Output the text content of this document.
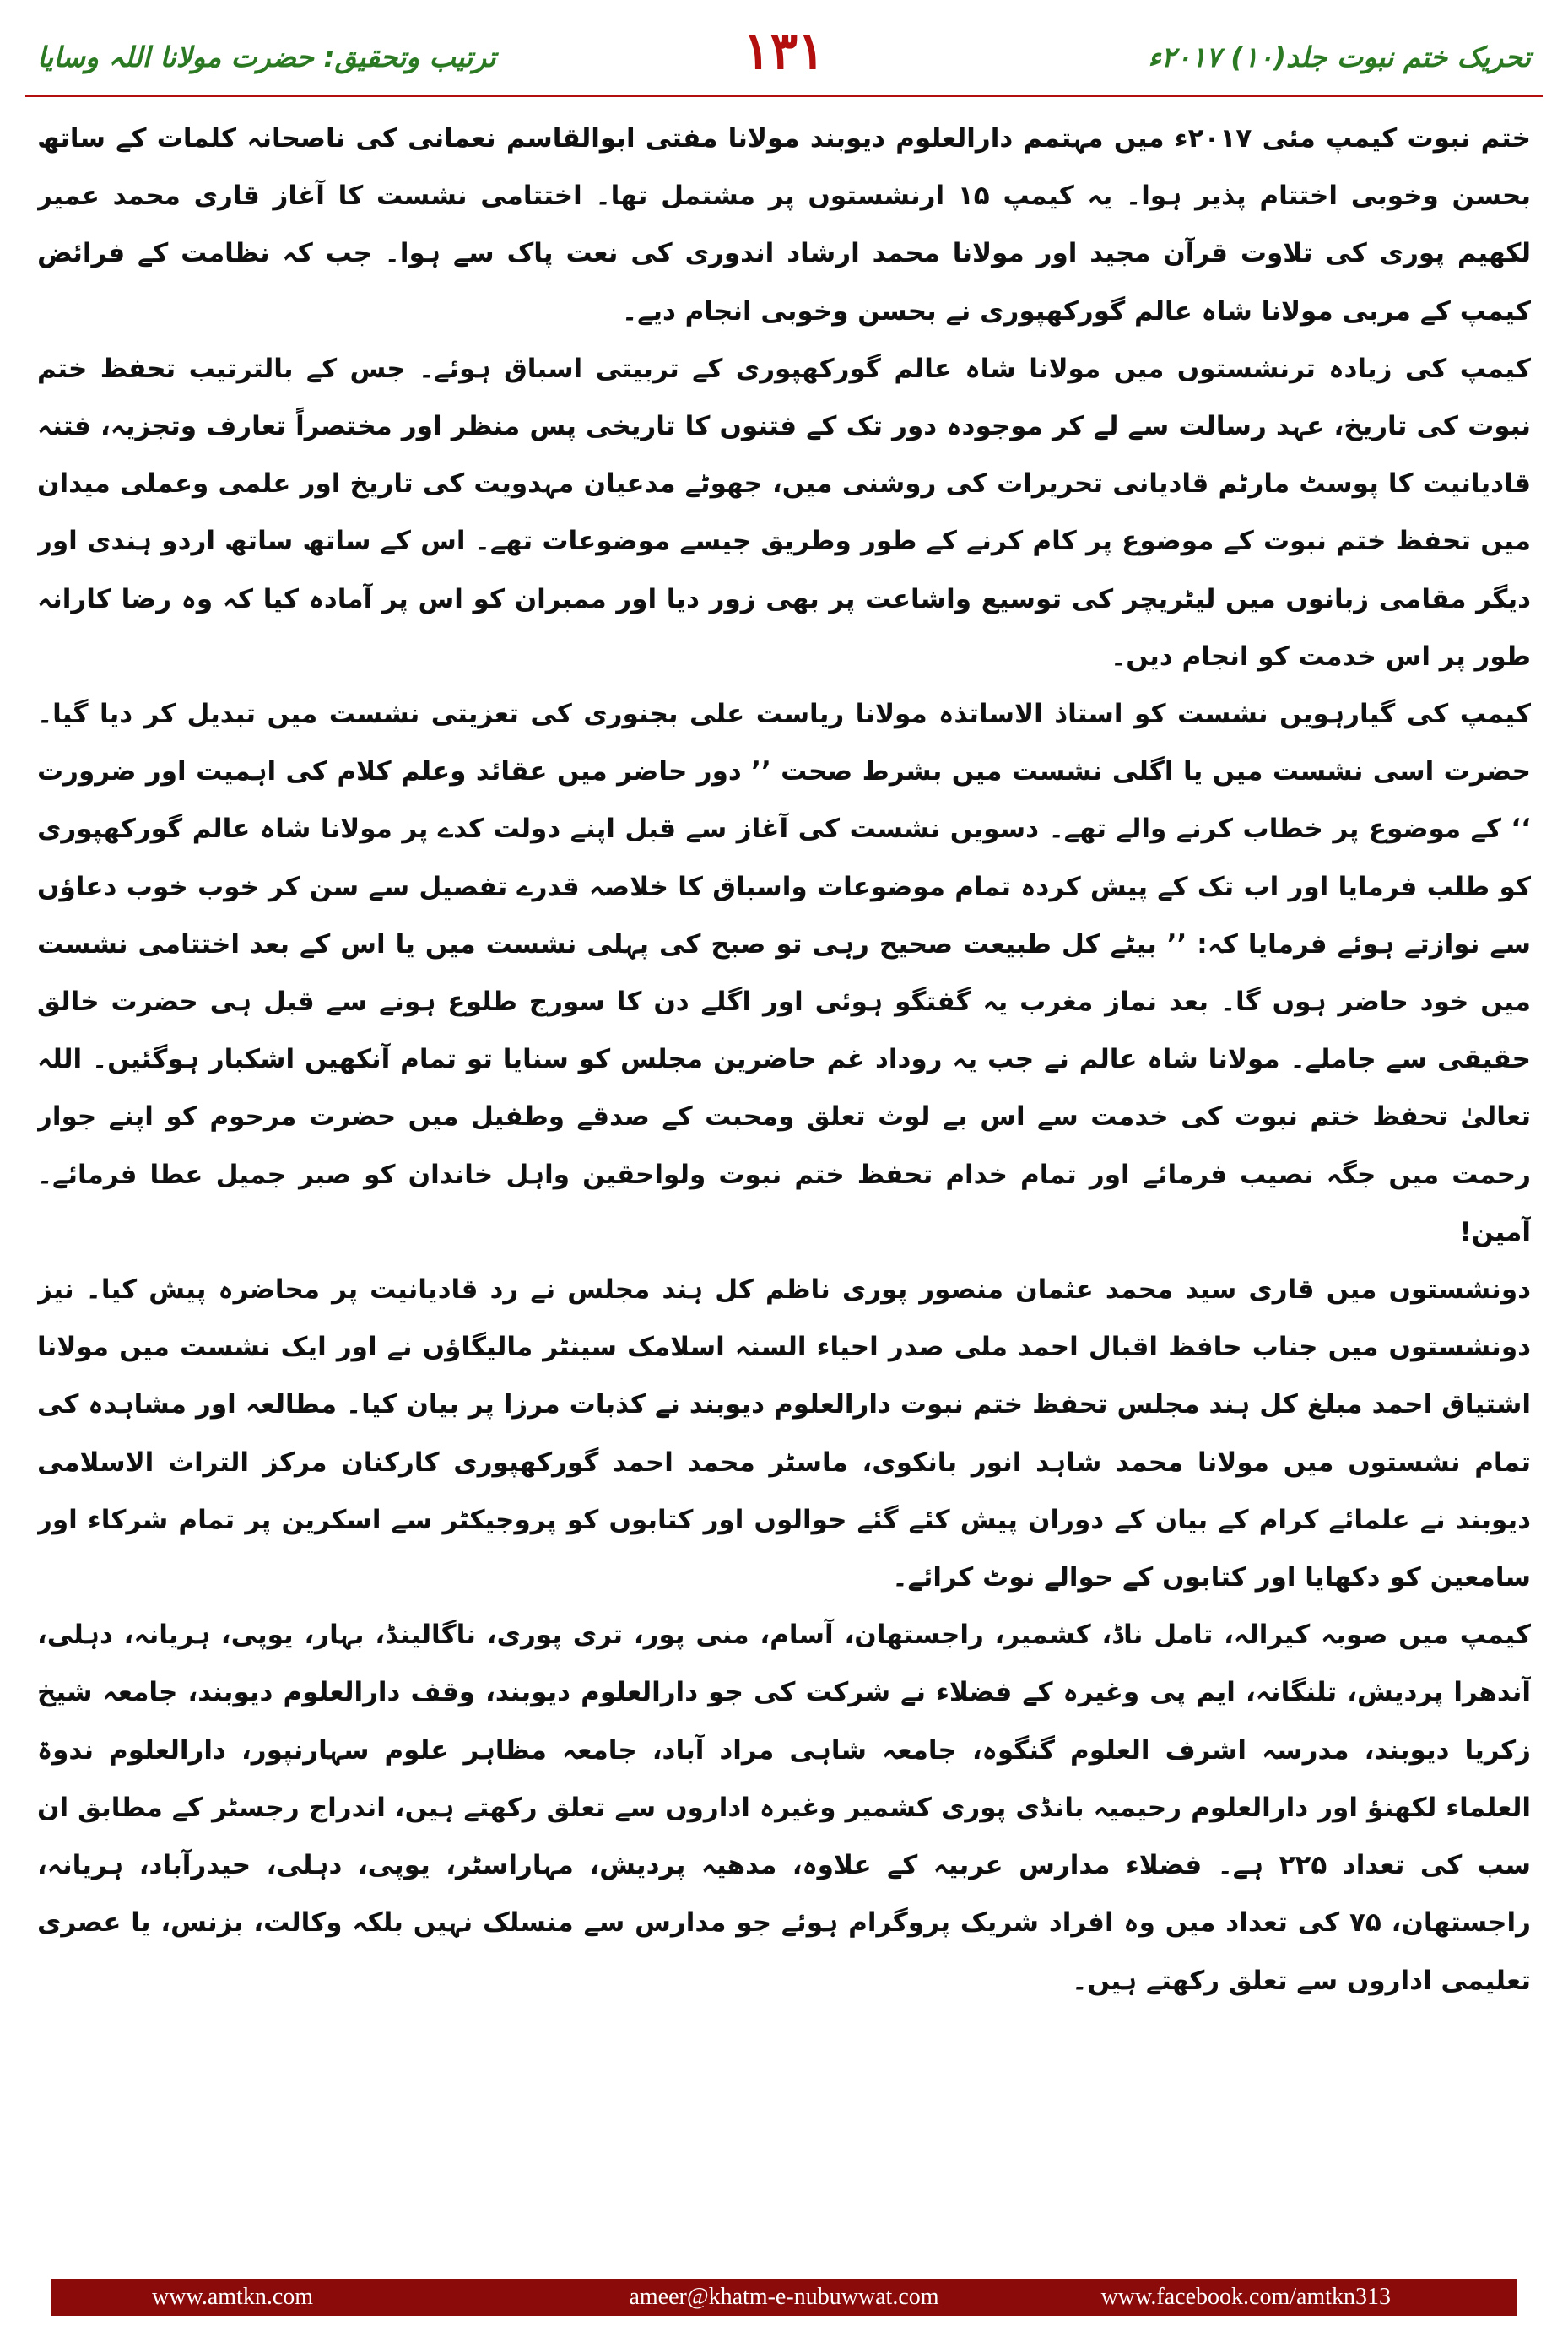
تحریک ختم نبوت جلد(۱۰) ۲۰۱۷ء
۱۳۱
ترتیب وتحقیق: حضرت مولانا اللہ وسایا

ختم نبوت کیمپ مئی ۲۰۱۷ء میں مہتمم دارالعلوم دیوبند مولانا مفتی ابوالقاسم نعمانی کی ناصحانہ کلمات کے ساتھ بحسن وخوبی اختتام پذیر ہوا۔ یہ کیمپ ۱۵ ارنشستوں پر مشتمل تھا۔ اختتامی نشست کا آغاز قاری محمد عمیر لکھیم پوری کی تلاوت قرآن مجید اور مولانا محمد ارشاد اندوری کی نعت پاک سے ہوا۔ جب کہ نظامت کے فرائض کیمپ کے مربی مولانا شاہ عالم گورکھپوری نے بحسن وخوبی انجام دیے۔

کیمپ کی زیادہ ترنشستوں میں مولانا شاہ عالم گورکھپوری کے تربیتی اسباق ہوئے۔ جس کے بالترتیب تحفظ ختم نبوت کی تاریخ، عہد رسالت سے لے کر موجودہ دور تک کے فتنوں کا تاریخی پس منظر اور مختصراً تعارف وتجزیہ، فتنہ قادیانیت کا پوسٹ مارٹم قادیانی تحریرات کی روشنی میں، جھوٹے مدعیان مہدویت کی تاریخ اور علمی وعملی میدان میں تحفظ ختم نبوت کے موضوع پر کام کرنے کے طور وطریق جیسے موضوعات تھے۔ اس کے ساتھ ساتھ اردو ہندی اور دیگر مقامی زبانوں میں لیٹریچر کی توسیع واشاعت پر بھی زور دیا اور ممبران کو اس پر آمادہ کیا کہ وہ رضا کارانہ طور پر اس خدمت کو انجام دیں۔

کیمپ کی گیارہویں نشست کو استاذ الاساتذہ مولانا ریاست علی بجنوری کی تعزیتی نشست میں تبدیل کر دیا گیا۔ حضرت اسی نشست میں یا اگلی نشست میں بشرط صحت ’’ دور حاضر میں عقائد وعلم کلام کی اہمیت اور ضرورت ‘‘ کے موضوع پر خطاب کرنے والے تھے۔ دسویں نشست کی آغاز سے قبل اپنے دولت کدے پر مولانا شاہ عالم گورکھپوری کو طلب فرمایا اور اب تک کے پیش کردہ تمام موضوعات واسباق کا خلاصہ قدرے تفصیل سے سن کر خوب خوب دعاؤں سے نوازتے ہوئے فرمایا کہ: ’’ بیٹے کل طبیعت صحیح رہی تو صبح کی پہلی نشست میں یا اس کے بعد اختتامی نشست میں خود حاضر ہوں گا۔ بعد نماز مغرب یہ گفتگو ہوئی اور اگلے دن کا سورج طلوع ہونے سے قبل ہی حضرت خالق حقیقی سے جاملے۔ مولانا شاہ عالم نے جب یہ روداد غم حاضرین مجلس کو سنایا تو تمام آنکھیں اشکبار ہوگئیں۔ اللہ تعالیٰ تحفظ ختم نبوت کی خدمت سے اس بے لوث تعلق ومحبت کے صدقے وطفیل میں حضرت مرحوم کو اپنے جوار رحمت میں جگہ نصیب فرمائے اور تمام خدام تحفظ ختم نبوت ولواحقین واہل خاندان کو صبر جمیل عطا فرمائے۔ آمین!

دونشستوں میں قاری سید محمد عثمان منصور پوری ناظم کل ہند مجلس نے رد قادیانیت پر محاضرہ پیش کیا۔ نیز دونشستوں میں جناب حافظ اقبال احمد ملی صدر احیاء السنہ اسلامک سینٹر مالیگاؤں نے اور ایک نشست میں مولانا اشتیاق احمد مبلغ کل ہند مجلس تحفظ ختم نبوت دارالعلوم دیوبند نے کذبات مرزا پر بیان کیا۔ مطالعہ اور مشاہدہ کی تمام نشستوں میں مولانا محمد شاہد انور بانکوی، ماسٹر محمد احمد گورکھپوری کارکنان مرکز التراث الاسلامی دیوبند نے علمائے کرام کے بیان کے دوران پیش کئے گئے حوالوں اور کتابوں کو پروجیکٹر سے اسکرین پر تمام شرکاء اور سامعین کو دکھایا اور کتابوں کے حوالے نوٹ کرائے۔

کیمپ میں صوبہ کیرالہ، تامل ناڈ، کشمیر، راجستھان، آسام، منی پور، تری پوری، ناگالینڈ، بہار، یوپی، ہریانہ، دہلی، آندھرا پردیش، تلنگانہ، ایم پی وغیرہ کے فضلاء نے شرکت کی جو دارالعلوم دیوبند، وقف دارالعلوم دیوبند، جامعہ شیخ زکریا دیوبند، مدرسہ اشرف العلوم گنگوہ، جامعہ شاہی مراد آباد، جامعہ مظاہر علوم سہارنپور، دارالعلوم ندوۃ العلماء لکھنؤ اور دارالعلوم رحیمیہ بانڈی پوری کشمیر وغیرہ اداروں سے تعلق رکھتے ہیں، اندراج رجسٹر کے مطابق ان سب کی تعداد ۲۲۵ ہے۔ فضلاء مدارس عربیہ کے علاوہ، مدھیہ پردیش، مہاراسٹر، یوپی، دہلی، حیدرآباد، ہریانہ، راجستھان، ۷۵ کی تعداد میں وہ افراد شریک پروگرام ہوئے جو مدارس سے منسلک نہیں بلکہ وکالت، بزنس، یا عصری تعلیمی اداروں سے تعلق رکھتے ہیں۔

www.amtkn.com	ameer@khatm-e-nubuwwat.com	www.facebook.com/amtkn313
